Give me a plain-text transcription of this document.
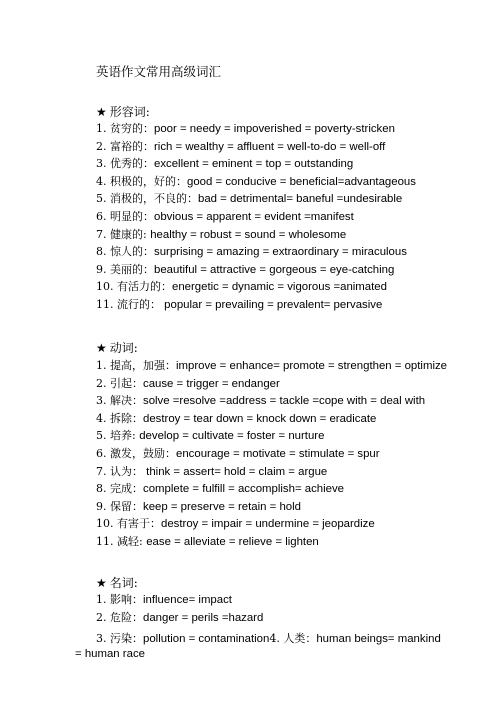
英语作文常用高级词汇
★ 形容词:
1. 贫穷的：poor = needy = impoverished = poverty-stricken
2. 富裕的：rich = wealthy = affluent = well-to-do = well-off
3. 优秀的：excellent = eminent = top = outstanding
4. 积极的，好的：good = conducive = beneficial=advantageous
5. 消极的，不良的：bad = detrimental= baneful =undesirable
6. 明显的：obvious = apparent = evident =manifest
7. 健康的: healthy = robust = sound = wholesome
8. 惊人的：surprising = amazing = extraordinary = miraculous
9. 美丽的：beautiful = attractive = gorgeous = eye-catching
10. 有活力的：energetic = dynamic = vigorous =animated
11. 流行的： popular = prevailing = prevalent= pervasive
★ 动词:
1. 提高，加强：improve = enhance= promote = strengthen = optimize
2. 引起：cause = trigger = endanger
3. 解决：solve =resolve =address = tackle =cope with = deal with
4. 拆除：destroy = tear down = knock down = eradicate
5. 培养: develop = cultivate = foster = nurture
6. 激发，鼓励：encourage = motivate = stimulate = spur
7. 认为： think = assert= hold = claim = argue
8. 完成：complete = fulfill = accomplish= achieve
9. 保留：keep = preserve = retain = hold
10. 有害于：destroy = impair = undermine = jeopardize
11. 减轻: ease = alleviate = relieve = lighten
★ 名词:
1. 影响：influence= impact
2. 危险：danger = perils =hazard
3. 污染：pollution = contamination4. 人类：human beings= mankind
= human race
